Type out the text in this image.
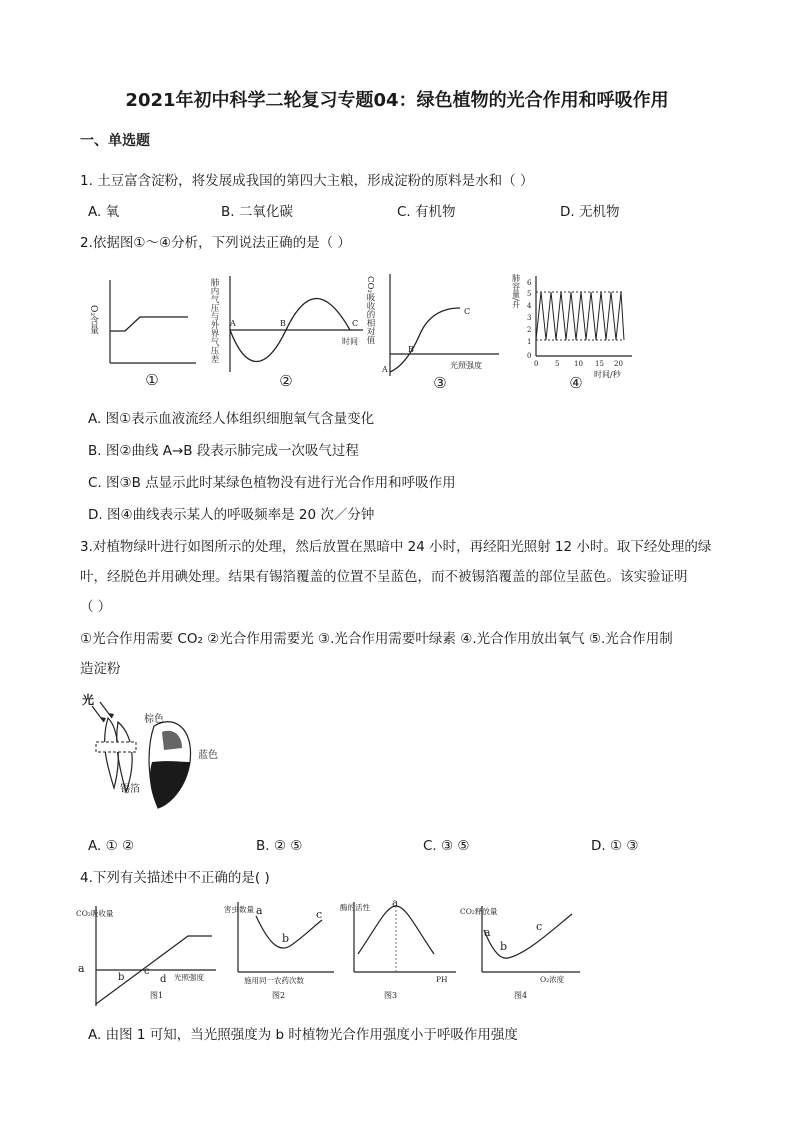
2021年初中科学二轮复习专题04：绿色植物的光合作用和呼吸作用
一、单选题
1. 土豆富含淀粉，将发展成我国的第四大主粮，形成淀粉的原料是水和（ ）
A. 氧	B. 二氧化碳	C. 有机物	D. 无机物
2.依据图①～④分析，下列说法正确的是（ ）
O₂含量
①
肺内气压与外界气压差 A	B	C
时间
②
CO₂吸收的相对值
A
B
C
光照强度
③
肺容量/升 6
5
4
3
2
1
0
0 5 10 15 20
时间/秒
④
A. 图①表示血液流经人体组织细胞氧气含量变化
B. 图②曲线 A→B 段表示肺完成一次吸气过程
C. 图③B 点显示此时某绿色植物没有进行光合作用和呼吸作用
D. 图④曲线表示某人的呼吸频率是 20 次／分钟
3.对植物绿叶进行如图所示的处理，然后放置在黑暗中 24 小时，再经阳光照射 12 小时。取下经处理的绿
叶，经脱色并用碘处理。结果有锡箔覆盖的位置不呈蓝色，而不被锡箔覆盖的部位呈蓝色。该实验证明
（ ）
①光合作用需要 CO₂ ②光合作用需要光 ③.光合作用需要叶绿素 ④.光合作用放出氧气 ⑤.光合作用制
造淀粉
光
棕色
蓝色
锡箔
A. ① ②	B. ② ⑤	C. ③ ⑤	D. ① ③
4.下列有关描述中不正确的是( )
CO₂吸收量
a
b
c
d 光照强度
图1
害虫数量 a
b
c
施用同一农药次数
图2
酶的活性 a
PH
图3
CO₂释放量
a
b
c
O₂浓度
图4
A. 由图 1 可知，当光照强度为 b 时植物光合作用强度小于呼吸作用强度
